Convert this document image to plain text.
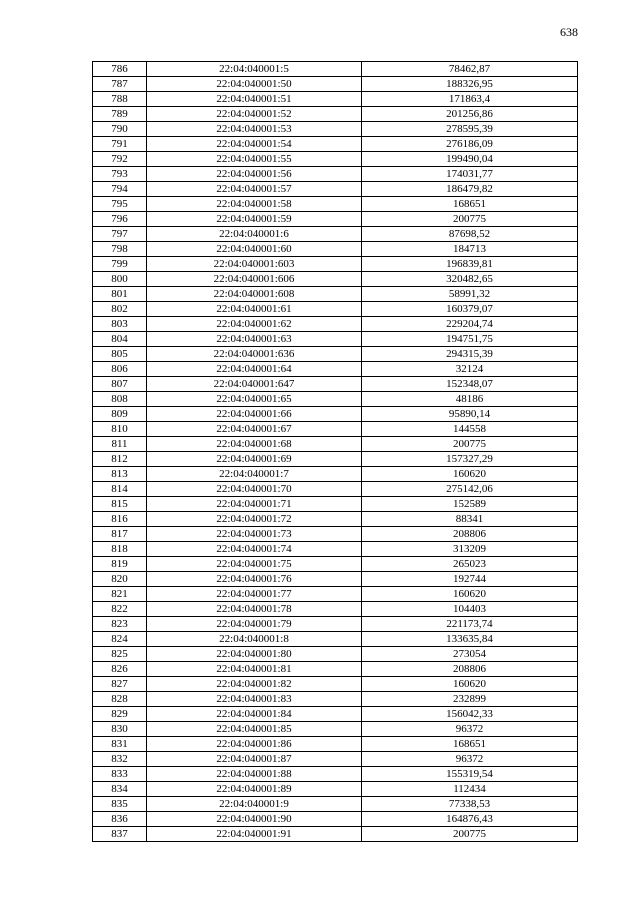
638
786	22:04:040001:5	78462,87
787	22:04:040001:50	188326,95
788	22:04:040001:51	171863,4
789	22:04:040001:52	201256,86
790	22:04:040001:53	278595,39
791	22:04:040001:54	276186,09
792	22:04:040001:55	199490,04
793	22:04:040001:56	174031,77
794	22:04:040001:57	186479,82
795	22:04:040001:58	168651
796	22:04:040001:59	200775
797	22:04:040001:6	87698,52
798	22:04:040001:60	184713
799	22:04:040001:603	196839,81
800	22:04:040001:606	320482,65
801	22:04:040001:608	58991,32
802	22:04:040001:61	160379,07
803	22:04:040001:62	229204,74
804	22:04:040001:63	194751,75
805	22:04:040001:636	294315,39
806	22:04:040001:64	32124
807	22:04:040001:647	152348,07
808	22:04:040001:65	48186
809	22:04:040001:66	95890,14
810	22:04:040001:67	144558
811	22:04:040001:68	200775
812	22:04:040001:69	157327,29
813	22:04:040001:7	160620
814	22:04:040001:70	275142,06
815	22:04:040001:71	152589
816	22:04:040001:72	88341
817	22:04:040001:73	208806
818	22:04:040001:74	313209
819	22:04:040001:75	265023
820	22:04:040001:76	192744
821	22:04:040001:77	160620
822	22:04:040001:78	104403
823	22:04:040001:79	221173,74
824	22:04:040001:8	133635,84
825	22:04:040001:80	273054
826	22:04:040001:81	208806
827	22:04:040001:82	160620
828	22:04:040001:83	232899
829	22:04:040001:84	156042,33
830	22:04:040001:85	96372
831	22:04:040001:86	168651
832	22:04:040001:87	96372
833	22:04:040001:88	155319,54
834	22:04:040001:89	112434
835	22:04:040001:9	77338,53
836	22:04:040001:90	164876,43
837	22:04:040001:91	200775
